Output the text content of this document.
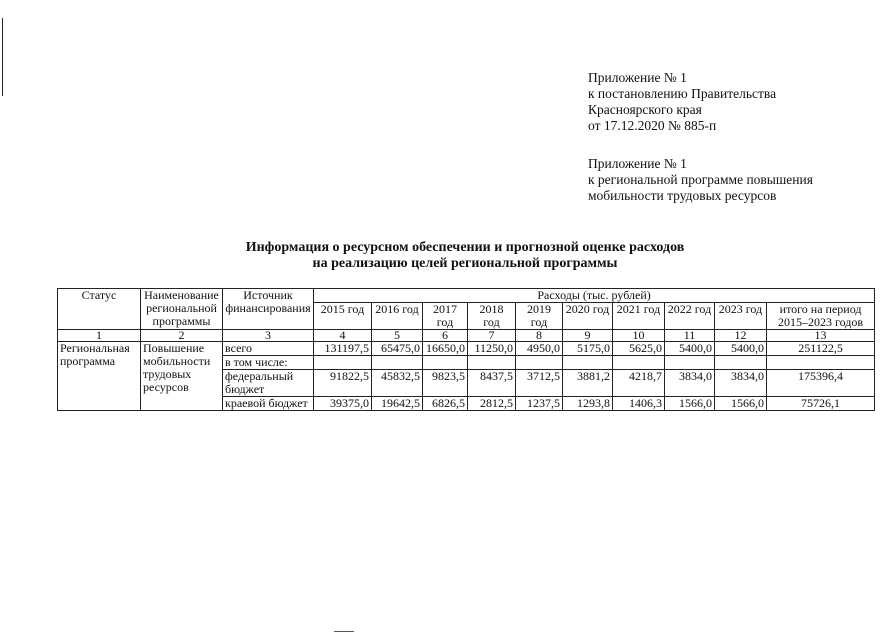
Приложение № 1
к постановлению Правительства
Красноярского края
от 17.12.2020 № 885-п
Приложение № 1
к региональной программе повышения
мобильности трудовых ресурсов
Информация о ресурсном обеспечении и прогнозной оценке расходов
на реализацию целей региональной программы
Статус	Наименование региональной программы	Источник финансирования	Расходы (тыс. рублей)									
			2015 год	2016 год	2017 год	2018 год	2019 год	2020 год	2021 год	2022 год	2023 год	итого на период 2015–2023 годов
1	2	3	4	5	6	7	8	9	10	11	12	13
Региональная программа	Повышение мобильности трудовых ресурсов	всего	131197,5	65475,0	16650,0	11250,0	4950,0	5175,0	5625,0	5400,0	5400,0	251122,5
		в том числе:										
		федеральный бюджет	91822,5	45832,5	9823,5	8437,5	3712,5	3881,2	4218,7	3834,0	3834,0	175396,4
		краевой бюджет	39375,0	19642,5	6826,5	2812,5	1237,5	1293,8	1406,3	1566,0	1566,0	75726,1
